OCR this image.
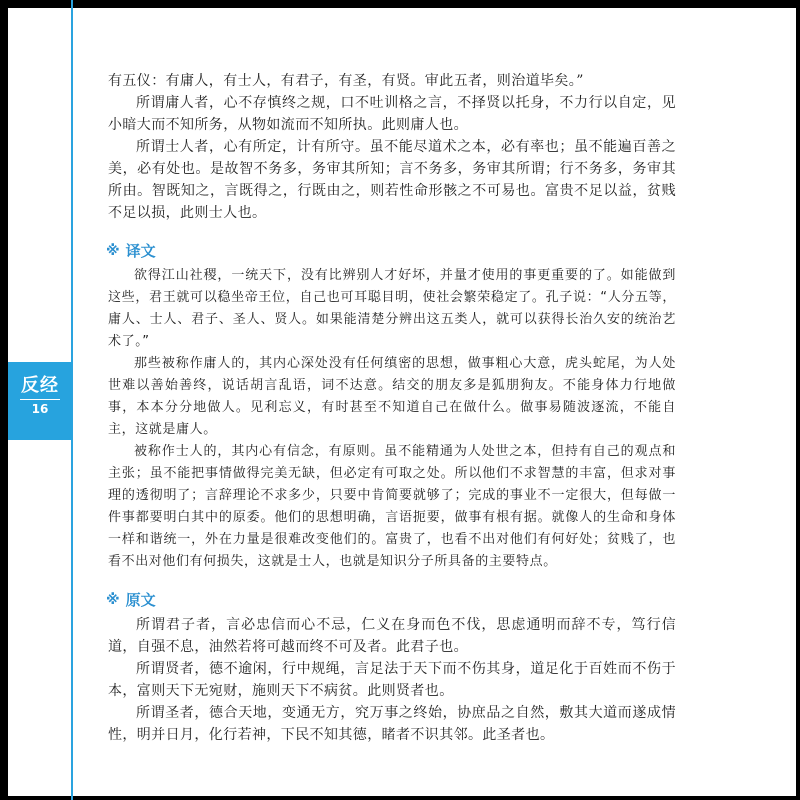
反经
16

有五仪：有庸人，有士人，有君子，有圣，有贤。审此五者，则治道毕矣。”

所谓庸人者，心不存慎终之规，口不吐训格之言，不择贤以托身，不力行以自定，见小暗大而不知所务，从物如流而不知所执。此则庸人也。

所谓士人者，心有所定，计有所守。虽不能尽道术之本，必有率也；虽不能遍百善之美，必有处也。是故智不务多，务审其所知；言不务多，务审其所谓；行不务多，务审其所由。智既知之，言既得之，行既由之，则若性命形骸之不可易也。富贵不足以益，贫贱不足以损，此则士人也。

※ 译文

欲得江山社稷，一统天下，没有比辨别人才好坏，并量才使用的事更重要的了。如能做到这些，君王就可以稳坐帝王位，自己也可耳聪目明，使社会繁荣稳定了。孔子说：“人分五等，庸人、士人、君子、圣人、贤人。如果能清楚分辨出这五类人，就可以获得长治久安的统治艺术了。”

那些被称作庸人的，其内心深处没有任何缜密的思想，做事粗心大意，虎头蛇尾，为人处世难以善始善终，说话胡言乱语，词不达意。结交的朋友多是狐朋狗友。不能身体力行地做事，本本分分地做人。见利忘义，有时甚至不知道自己在做什么。做事易随波逐流，不能自主，这就是庸人。

被称作士人的，其内心有信念，有原则。虽不能精通为人处世之本，但持有自己的观点和主张；虽不能把事情做得完美无缺，但必定有可取之处。所以他们不求智慧的丰富，但求对事理的透彻明了；言辞理论不求多少，只要中肯简要就够了；完成的事业不一定很大，但每做一件事都要明白其中的原委。他们的思想明确，言语扼要，做事有根有据。就像人的生命和身体一样和谐统一，外在力量是很难改变他们的。富贵了，也看不出对他们有何好处；贫贱了，也看不出对他们有何损失，这就是士人，也就是知识分子所具备的主要特点。

※ 原文

所谓君子者，言必忠信而心不忌，仁义在身而色不伐，思虑通明而辞不专，笃行信道，自强不息，油然若将可越而终不可及者。此君子也。

所谓贤者，德不逾闲，行中规绳，言足法于天下而不伤其身，道足化于百姓而不伤于本，富则天下无宛财，施则天下不病贫。此则贤者也。

所谓圣者，德合天地，变通无方，究万事之终始，协庶品之自然，敷其大道而遂成情性，明并日月，化行若神，下民不知其德，睹者不识其邻。此圣者也。
